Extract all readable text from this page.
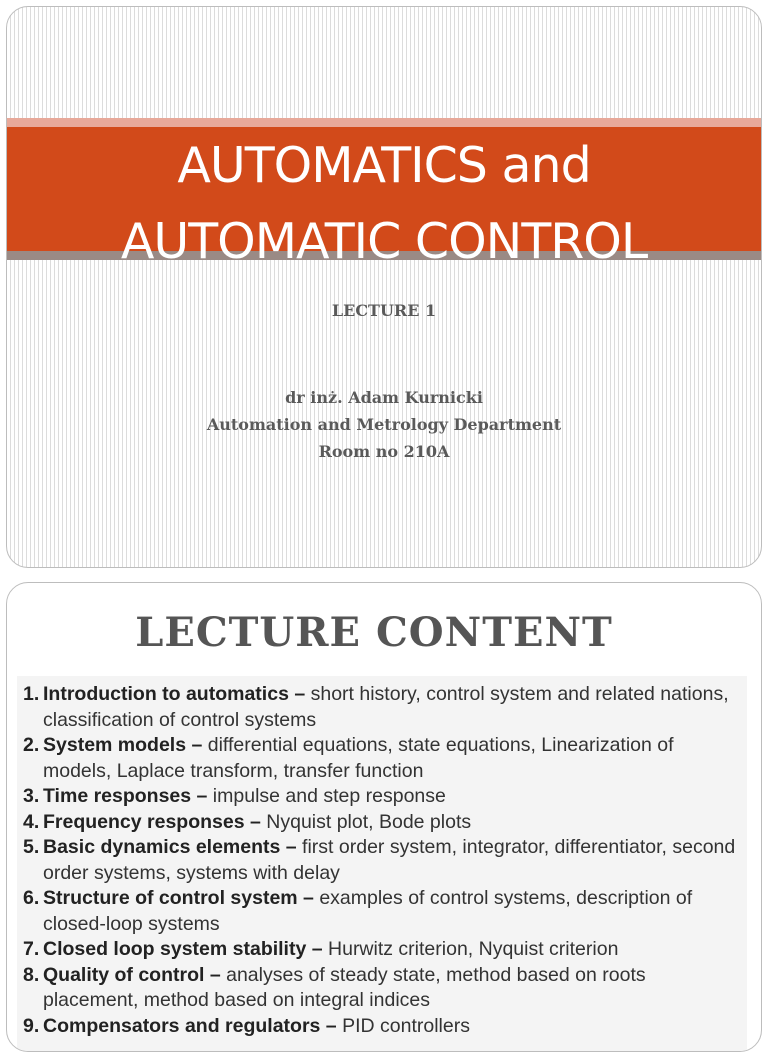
AUTOMATICS and
AUTOMATIC CONTROL
LECTURE 1
dr inż. Adam Kurnicki
Automation and Metrology Department
Room no 210A
LECTURE CONTENT
1. Introduction to automatics – short history, control system and related nations, classification of control systems
2. System models – differential equations, state equations, Linearization of models, Laplace transform, transfer function
3. Time responses – impulse and step response
4. Frequency responses – Nyquist plot, Bode plots
5. Basic dynamics elements – first order system, integrator, differentiator, second order systems, systems with delay
6. Structure of control system – examples of control systems, description of closed-loop systems
7. Closed loop system stability – Hurwitz criterion, Nyquist criterion
8. Quality of control – analyses of steady state, method based on roots placement, method based on integral indices
9. Compensators and regulators – PID controllers
